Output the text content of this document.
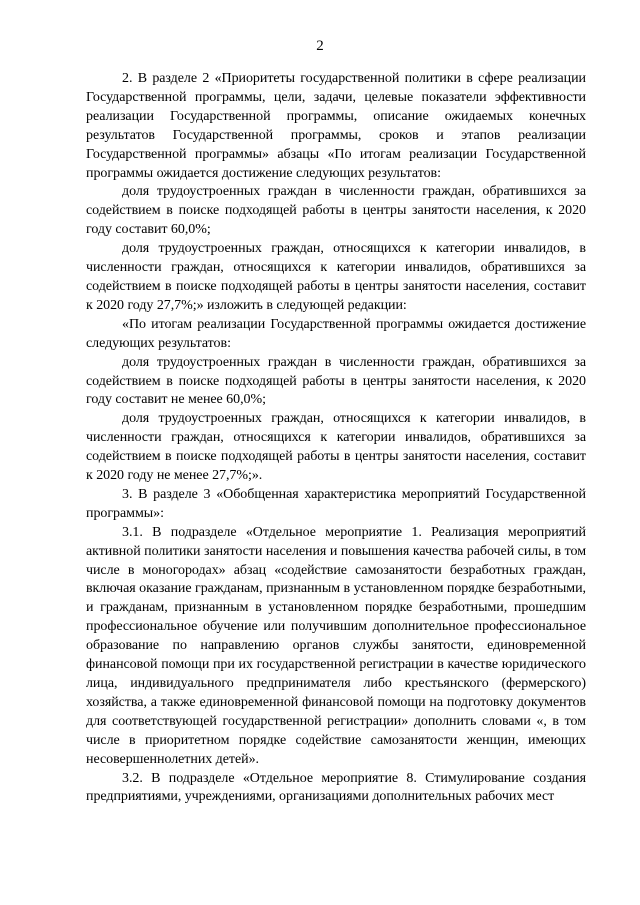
2

2. В разделе 2 «Приоритеты государственной политики в сфере реализации Государственной программы, цели, задачи, целевые показатели эффективности реализации Государственной программы, описание ожидаемых конечных результатов Государственной программы, сроков и этапов реализации Государственной программы» абзацы «По итогам реализации Государственной программы ожидается достижение следующих результатов:

доля трудоустроенных граждан в численности граждан, обратившихся за содействием в поиске подходящей работы в центры занятости населения, к 2020 году составит 60,0%;

доля трудоустроенных граждан, относящихся к категории инвалидов, в численности граждан, относящихся к категории инвалидов, обратившихся за содействием в поиске подходящей работы в центры занятости населения, составит к 2020 году 27,7%;» изложить в следующей редакции:

«По итогам реализации Государственной программы ожидается достижение следующих результатов:

доля трудоустроенных граждан в численности граждан, обратившихся за содействием в поиске подходящей работы в центры занятости населения, к 2020 году составит не менее 60,0%;

доля трудоустроенных граждан, относящихся к категории инвалидов, в численности граждан, относящихся к категории инвалидов, обратившихся за содействием в поиске подходящей работы в центры занятости населения, составит к 2020 году не менее 27,7%;».

3. В разделе 3 «Обобщенная характеристика мероприятий Государственной программы»:

3.1. В подразделе «Отдельное мероприятие 1. Реализация мероприятий активной политики занятости населения и повышения качества рабочей силы, в том числе в моногородах» абзац «содействие самозанятости безработных граждан, включая оказание гражданам, признанным в установленном порядке безработными, и гражданам, признанным в установленном порядке безработными, прошедшим профессиональное обучение или получившим дополнительное профессиональное образование по направлению органов службы занятости, единовременной финансовой помощи при их государственной регистрации в качестве юридического лица, индивидуального предпринимателя либо крестьянского (фермерского) хозяйства, а также единовременной финансовой помощи на подготовку документов для соответствующей государственной регистрации» дополнить словами «, в том числе в приоритетном порядке содействие самозанятости женщин, имеющих несовершеннолетних детей».

3.2. В подразделе «Отдельное мероприятие 8. Стимулирование создания предприятиями, учреждениями, организациями дополнительных рабочих мест
